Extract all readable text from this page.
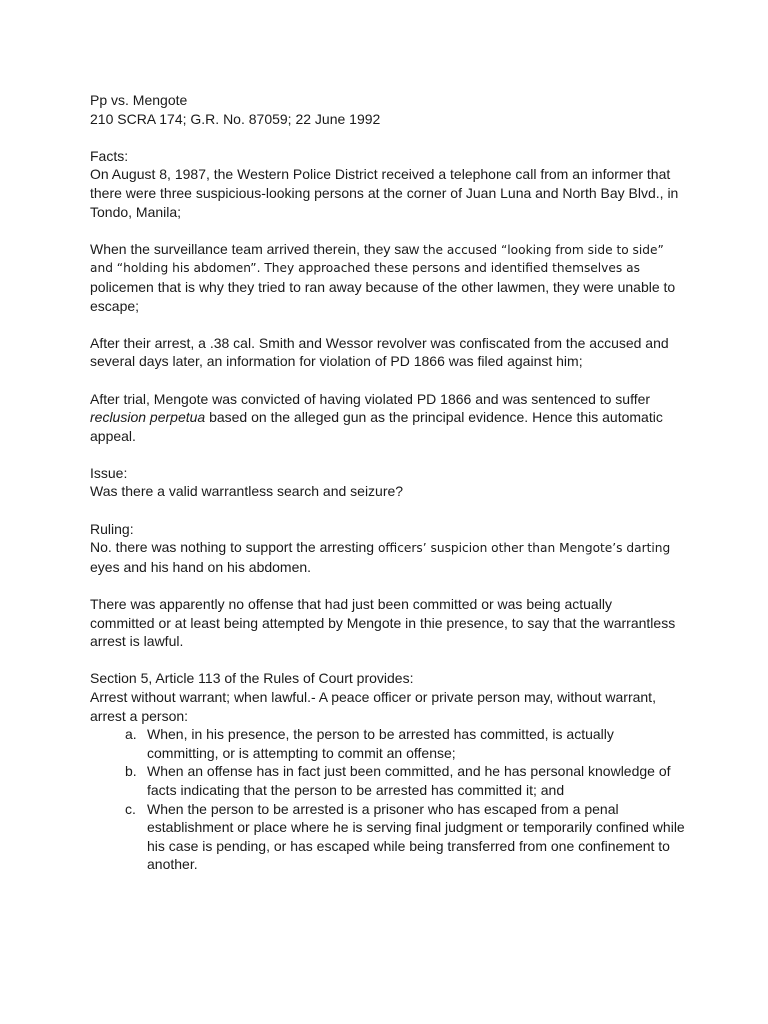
Pp vs. Mengote
210 SCRA 174; G.R. No. 87059; 22 June 1992
Facts:
On August 8, 1987, the Western Police District received a telephone call from an informer that
there were three suspicious-looking persons at the corner of Juan Luna and North Bay Blvd., in
Tondo, Manila;
When the surveillance team arrived therein, they saw the accused “looking from side to side”
and “holding his abdomen”. They approached these persons and identified themselves as
policemen that is why they tried to ran away because of the other lawmen, they were unable to
escape;
After their arrest, a .38 cal. Smith and Wessor revolver was confiscated from the accused and
several days later, an information for violation of PD 1866 was filed against him;
After trial, Mengote was convicted of having violated PD 1866 and was sentenced to suffer
reclusion perpetua based on the alleged gun as the principal evidence. Hence this automatic
appeal.
Issue:
Was there a valid warrantless search and seizure?
Ruling:
No. there was nothing to support the arresting officers’ suspicion other than Mengote’s darting
eyes and his hand on his abdomen.
There was apparently no offense that had just been committed or was being actually
committed or at least being attempted by Mengote in thie presence, to say that the warrantless
arrest is lawful.
Section 5, Article 113 of the Rules of Court provides:
Arrest without warrant; when lawful.- A peace officer or private person may, without warrant,
arrest a person:
a. When, in his presence, the person to be arrested has committed, is actually
committing, or is attempting to commit an offense;
b. When an offense has in fact just been committed, and he has personal knowledge of
facts indicating that the person to be arrested has committed it; and
c. When the person to be arrested is a prisoner who has escaped from a penal
establishment or place where he is serving final judgment or temporarily confined while
his case is pending, or has escaped while being transferred from one confinement to
another.
